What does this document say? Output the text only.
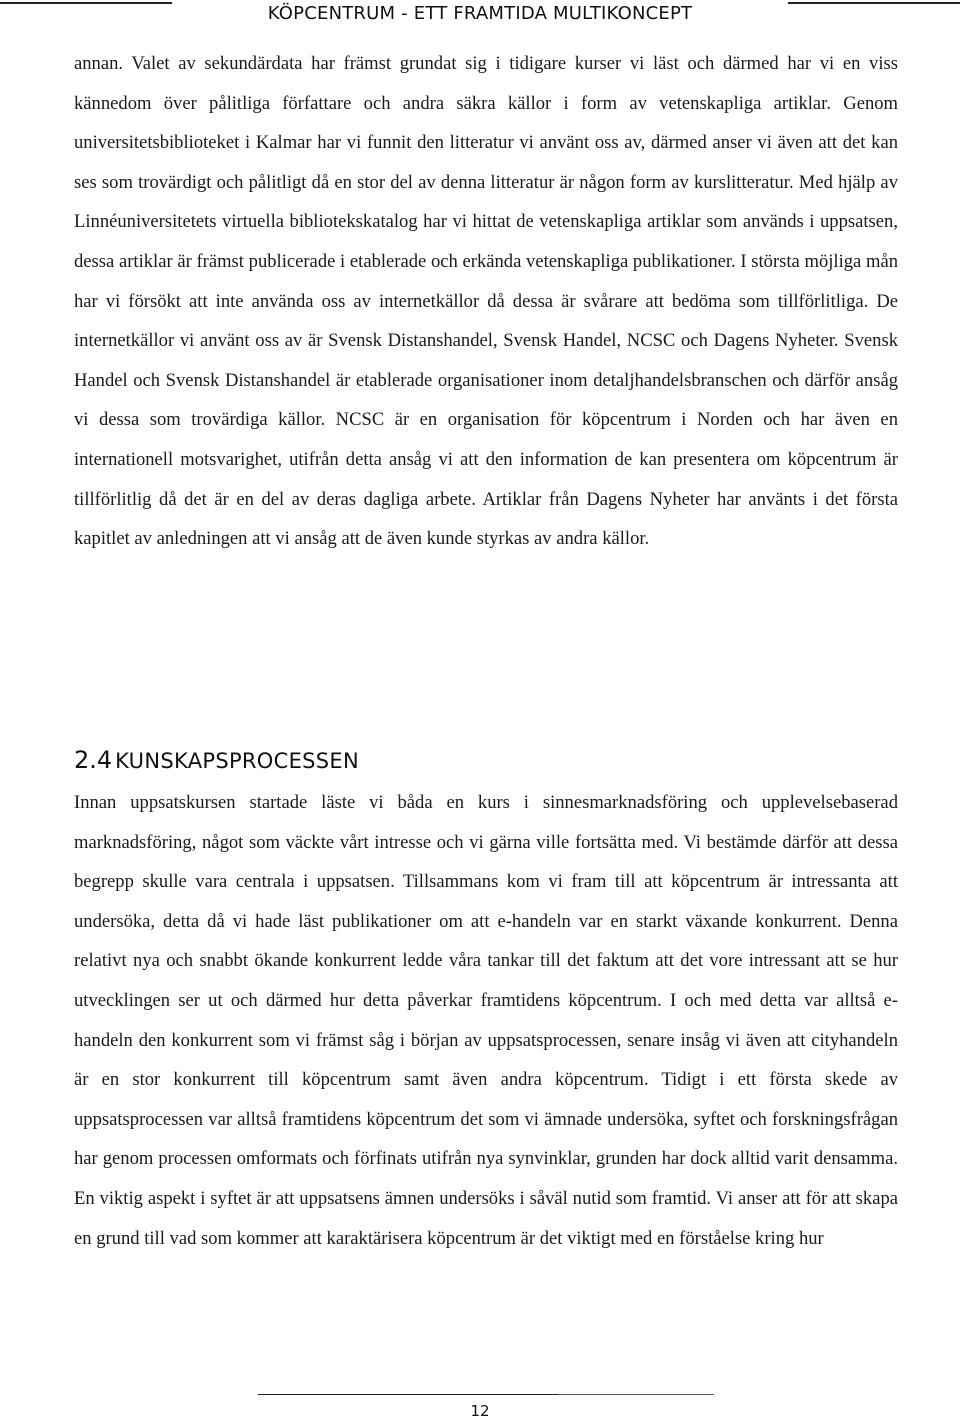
KÖPCENTRUM - ETT FRAMTIDA MULTIKONCEPT

annan. Valet av sekundärdata har främst grundat sig i tidigare kurser vi läst och därmed har vi en viss kännedom över pålitliga författare och andra säkra källor i form av vetenskapliga artiklar. Genom universitetsbiblioteket i Kalmar har vi funnit den litteratur vi använt oss av, därmed anser vi även att det kan ses som trovärdigt och pålitligt då en stor del av denna litteratur är någon form av kurslitteratur. Med hjälp av Linnéuniversitetets virtuella bibliotekskatalog har vi hittat de vetenskapliga artiklar som används i uppsatsen, dessa artiklar är främst publicerade i etablerade och erkända vetenskapliga publikationer. I största möjliga mån har vi försökt att inte använda oss av internetkällor då dessa är svårare att bedöma som tillförlitliga. De internetkällor vi använt oss av är Svensk Distanshandel, Svensk Handel, NCSC och Dagens Nyheter. Svensk Handel och Svensk Distanshandel är etablerade organisationer inom detaljhandelsbranschen och därför ansåg vi dessa som trovärdiga källor. NCSC är en organisation för köpcentrum i Norden och har även en internationell motsvarighet, utifrån detta ansåg vi att den information de kan presentera om köpcentrum är tillförlitlig då det är en del av deras dagliga arbete. Artiklar från Dagens Nyheter har använts i det första kapitlet av anledningen att vi ansåg att de även kunde styrkas av andra källor.

2.4 KUNSKAPSPROCESSEN

Innan uppsatskursen startade läste vi båda en kurs i sinnesmarknadsföring och upplevelsebaserad marknadsföring, något som väckte vårt intresse och vi gärna ville fortsätta med. Vi bestämde därför att dessa begrepp skulle vara centrala i uppsatsen. Tillsammans kom vi fram till att köpcentrum är intressanta att undersöka, detta då vi hade läst publikationer om att e-handeln var en starkt växande konkurrent. Denna relativt nya och snabbt ökande konkurrent ledde våra tankar till det faktum att det vore intressant att se hur utvecklingen ser ut och därmed hur detta påverkar framtidens köpcentrum. I och med detta var alltså e-handeln den konkurrent som vi främst såg i början av uppsatsprocessen, senare insåg vi även att cityhandeln är en stor konkurrent till köpcentrum samt även andra köpcentrum. Tidigt i ett första skede av uppsatsprocessen var alltså framtidens köpcentrum det som vi ämnade undersöka, syftet och forskningsfrågan har genom processen omformats och förfinats utifrån nya synvinklar, grunden har dock alltid varit densamma. En viktig aspekt i syftet är att uppsatsens ämnen undersöks i såväl nutid som framtid. Vi anser att för att skapa en grund till vad som kommer att karaktärisera köpcentrum är det viktigt med en förståelse kring hur

12
